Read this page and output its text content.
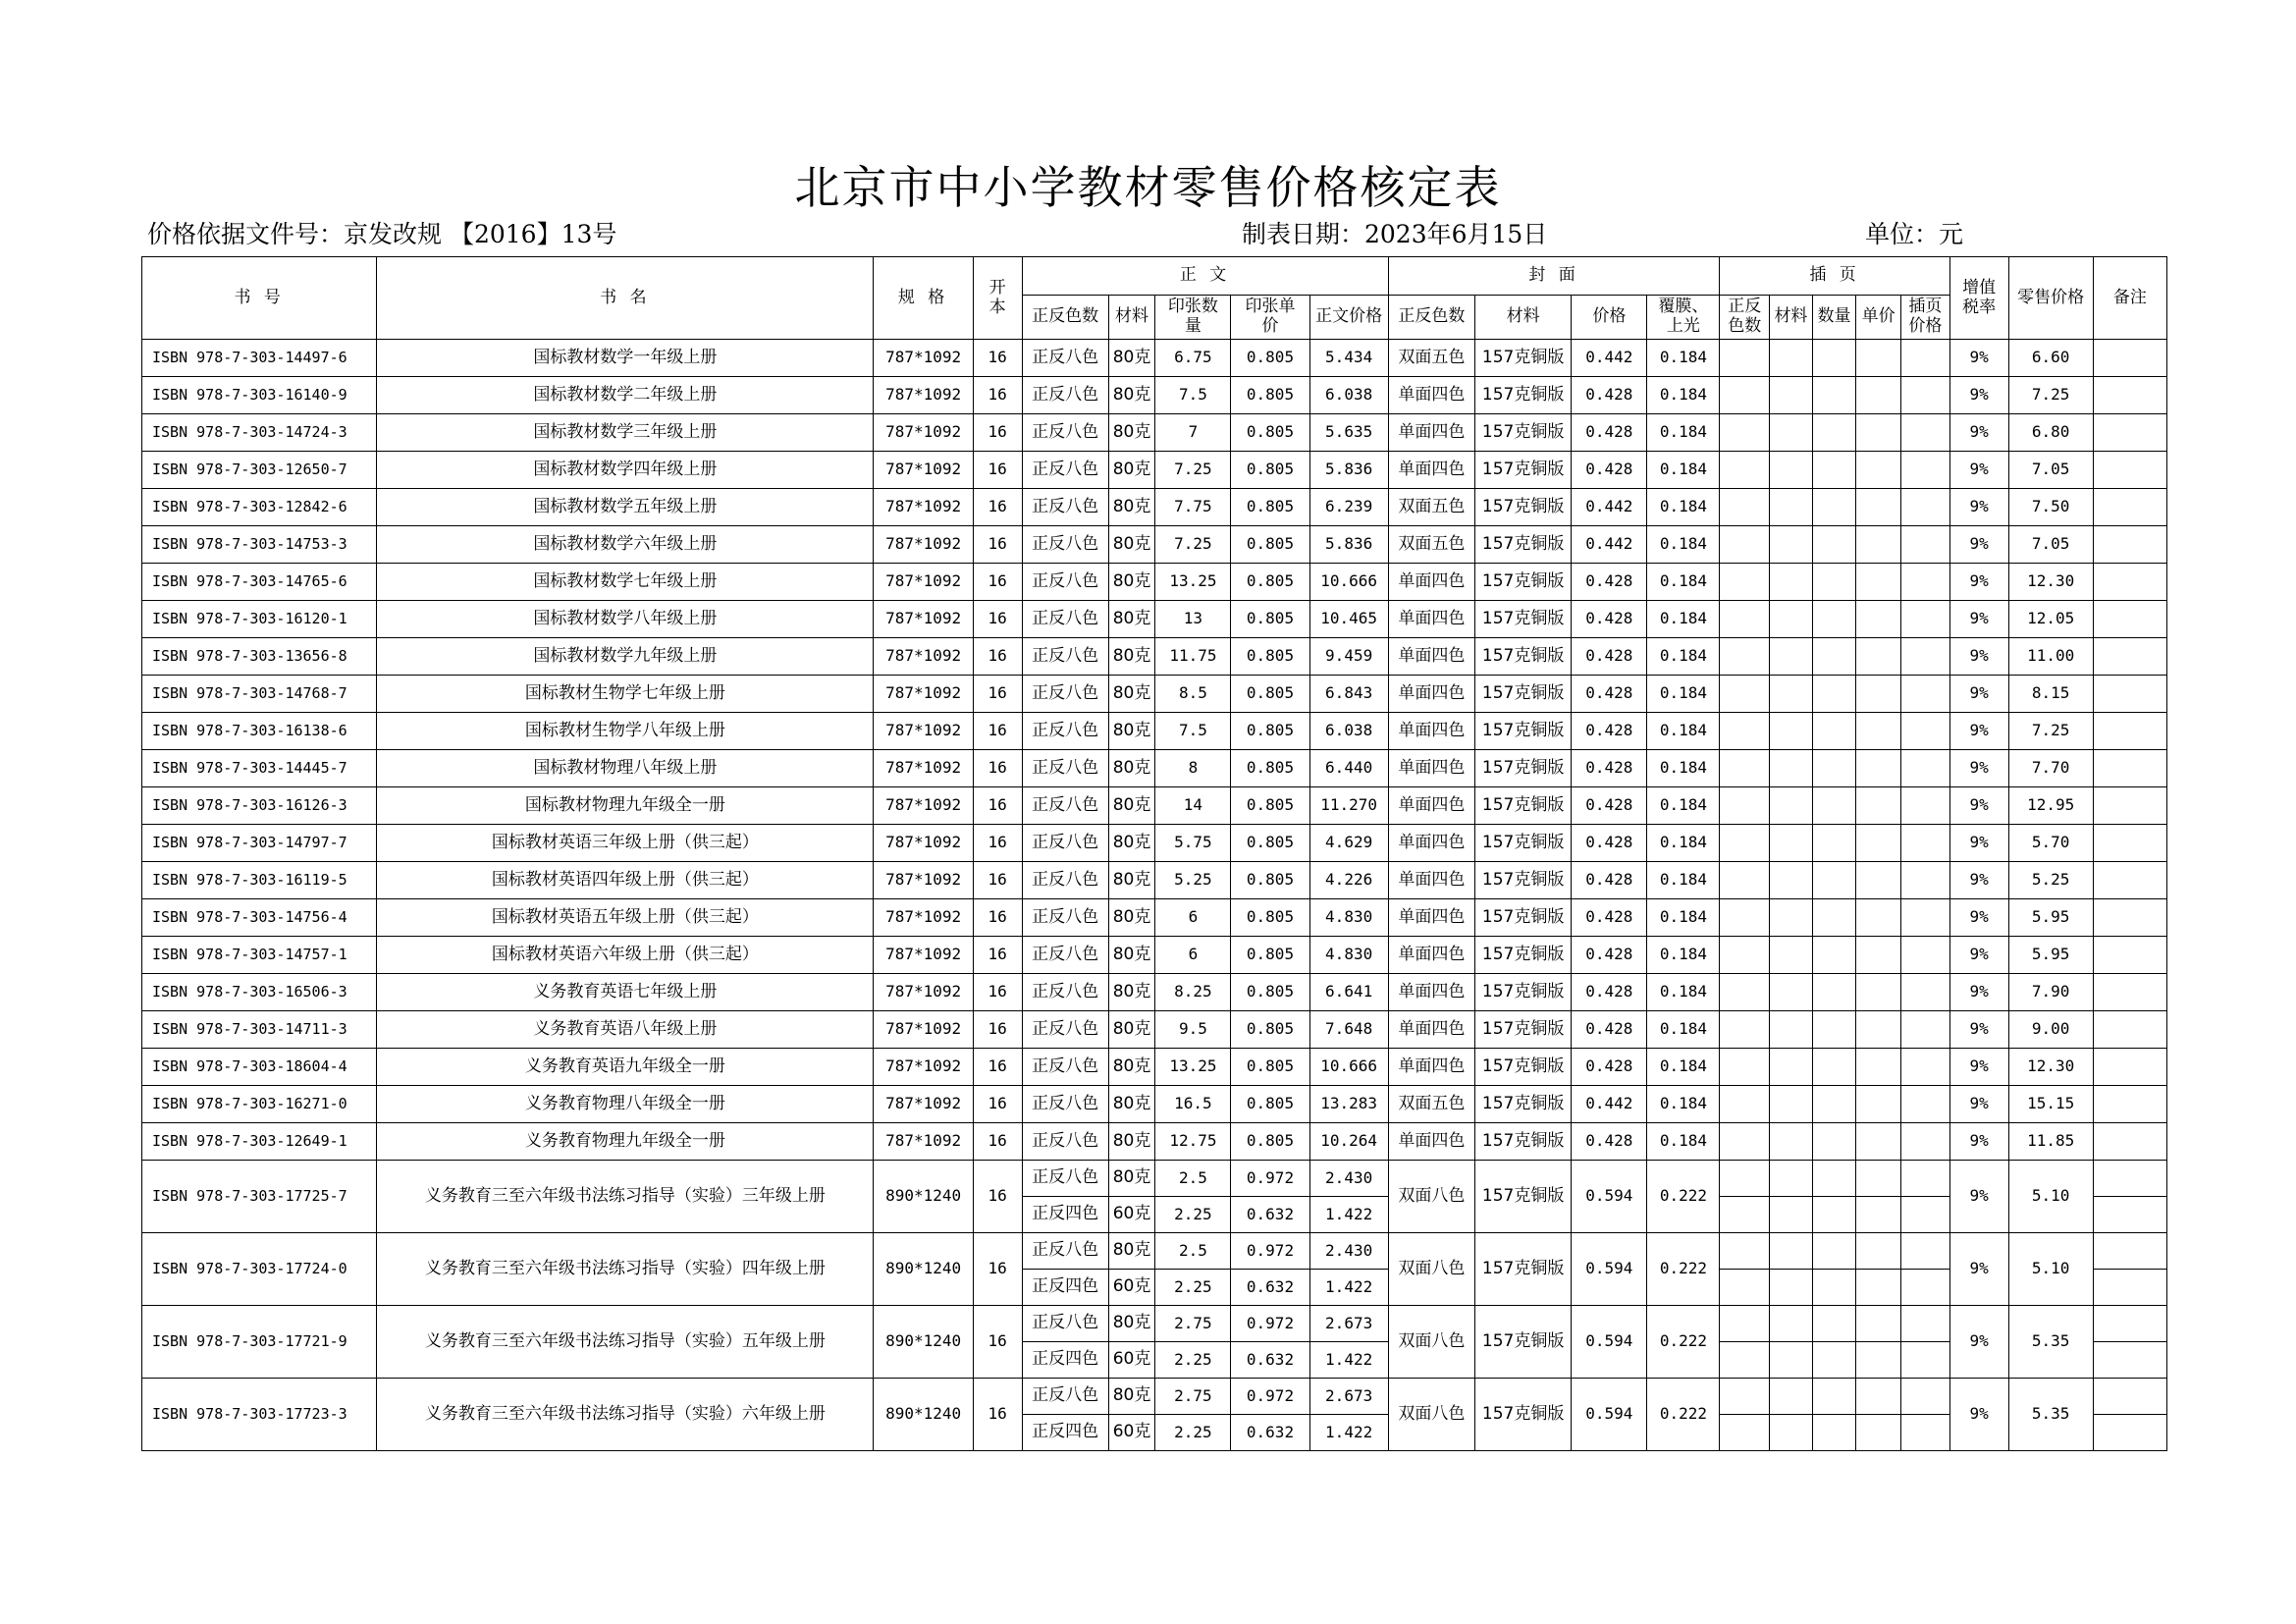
北京市中小学教材零售价格核定表
价格依据文件号：京发改规 【2016】13号	制表日期：2023年6月15日	单位：元
书 号	书 名	规 格	开本	正 文					封 面				插 页					增值税率	零售价格	备注
				正反色数	材料	印张数量	印张单价	正文价格	正反色数	材料	价格	覆膜、上光	正反色数	材料	数量	单价	插页价格			
ISBN 978-7-303-14497-6	国标教材数学一年级上册	787*1092	16	正反八色	80克	6.75	0.805	5.434	双面五色	157克铜版	0.442	0.184						9%	6.60	
ISBN 978-7-303-16140-9	国标教材数学二年级上册	787*1092	16	正反八色	80克	7.5	0.805	6.038	单面四色	157克铜版	0.428	0.184						9%	7.25	
ISBN 978-7-303-14724-3	国标教材数学三年级上册	787*1092	16	正反八色	80克	7	0.805	5.635	单面四色	157克铜版	0.428	0.184						9%	6.80	
ISBN 978-7-303-12650-7	国标教材数学四年级上册	787*1092	16	正反八色	80克	7.25	0.805	5.836	单面四色	157克铜版	0.428	0.184						9%	7.05	
ISBN 978-7-303-12842-6	国标教材数学五年级上册	787*1092	16	正反八色	80克	7.75	0.805	6.239	双面五色	157克铜版	0.442	0.184						9%	7.50	
ISBN 978-7-303-14753-3	国标教材数学六年级上册	787*1092	16	正反八色	80克	7.25	0.805	5.836	双面五色	157克铜版	0.442	0.184						9%	7.05	
ISBN 978-7-303-14765-6	国标教材数学七年级上册	787*1092	16	正反八色	80克	13.25	0.805	10.666	单面四色	157克铜版	0.428	0.184						9%	12.30	
ISBN 978-7-303-16120-1	国标教材数学八年级上册	787*1092	16	正反八色	80克	13	0.805	10.465	单面四色	157克铜版	0.428	0.184						9%	12.05	
ISBN 978-7-303-13656-8	国标教材数学九年级上册	787*1092	16	正反八色	80克	11.75	0.805	9.459	单面四色	157克铜版	0.428	0.184						9%	11.00	
ISBN 978-7-303-14768-7	国标教材生物学七年级上册	787*1092	16	正反八色	80克	8.5	0.805	6.843	单面四色	157克铜版	0.428	0.184						9%	8.15	
ISBN 978-7-303-16138-6	国标教材生物学八年级上册	787*1092	16	正反八色	80克	7.5	0.805	6.038	单面四色	157克铜版	0.428	0.184						9%	7.25	
ISBN 978-7-303-14445-7	国标教材物理八年级上册	787*1092	16	正反八色	80克	8	0.805	6.440	单面四色	157克铜版	0.428	0.184						9%	7.70	
ISBN 978-7-303-16126-3	国标教材物理九年级全一册	787*1092	16	正反八色	80克	14	0.805	11.270	单面四色	157克铜版	0.428	0.184						9%	12.95	
ISBN 978-7-303-14797-7	国标教材英语三年级上册（供三起）	787*1092	16	正反八色	80克	5.75	0.805	4.629	单面四色	157克铜版	0.428	0.184						9%	5.70	
ISBN 978-7-303-16119-5	国标教材英语四年级上册（供三起）	787*1092	16	正反八色	80克	5.25	0.805	4.226	单面四色	157克铜版	0.428	0.184						9%	5.25	
ISBN 978-7-303-14756-4	国标教材英语五年级上册（供三起）	787*1092	16	正反八色	80克	6	0.805	4.830	单面四色	157克铜版	0.428	0.184						9%	5.95	
ISBN 978-7-303-14757-1	国标教材英语六年级上册（供三起）	787*1092	16	正反八色	80克	6	0.805	4.830	单面四色	157克铜版	0.428	0.184						9%	5.95	
ISBN 978-7-303-16506-3	义务教育英语七年级上册	787*1092	16	正反八色	80克	8.25	0.805	6.641	单面四色	157克铜版	0.428	0.184						9%	7.90	
ISBN 978-7-303-14711-3	义务教育英语八年级上册	787*1092	16	正反八色	80克	9.5	0.805	7.648	单面四色	157克铜版	0.428	0.184						9%	9.00	
ISBN 978-7-303-18604-4	义务教育英语九年级全一册	787*1092	16	正反八色	80克	13.25	0.805	10.666	单面四色	157克铜版	0.428	0.184						9%	12.30	
ISBN 978-7-303-16271-0	义务教育物理八年级全一册	787*1092	16	正反八色	80克	16.5	0.805	13.283	双面五色	157克铜版	0.442	0.184						9%	15.15	
ISBN 978-7-303-12649-1	义务教育物理九年级全一册	787*1092	16	正反八色	80克	12.75	0.805	10.264	单面四色	157克铜版	0.428	0.184						9%	11.85	
ISBN 978-7-303-17725-7	义务教育三至六年级书法练习指导（实验）三年级上册	890*1240	16	正反八色	80克	2.5	0.972	2.430	双面八色	157克铜版	0.594	0.222						9%	5.10	
				正反四色	60克	2.25	0.632	1.422												
ISBN 978-7-303-17724-0	义务教育三至六年级书法练习指导（实验）四年级上册	890*1240	16	正反八色	80克	2.5	0.972	2.430	双面八色	157克铜版	0.594	0.222						9%	5.10	
				正反四色	60克	2.25	0.632	1.422												
ISBN 978-7-303-17721-9	义务教育三至六年级书法练习指导（实验）五年级上册	890*1240	16	正反八色	80克	2.75	0.972	2.673	双面八色	157克铜版	0.594	0.222						9%	5.35	
				正反四色	60克	2.25	0.632	1.422												
ISBN 978-7-303-17723-3	义务教育三至六年级书法练习指导（实验）六年级上册	890*1240	16	正反八色	80克	2.75	0.972	2.673	双面八色	157克铜版	0.594	0.222						9%	5.35	
				正反四色	60克	2.25	0.632	1.422												
